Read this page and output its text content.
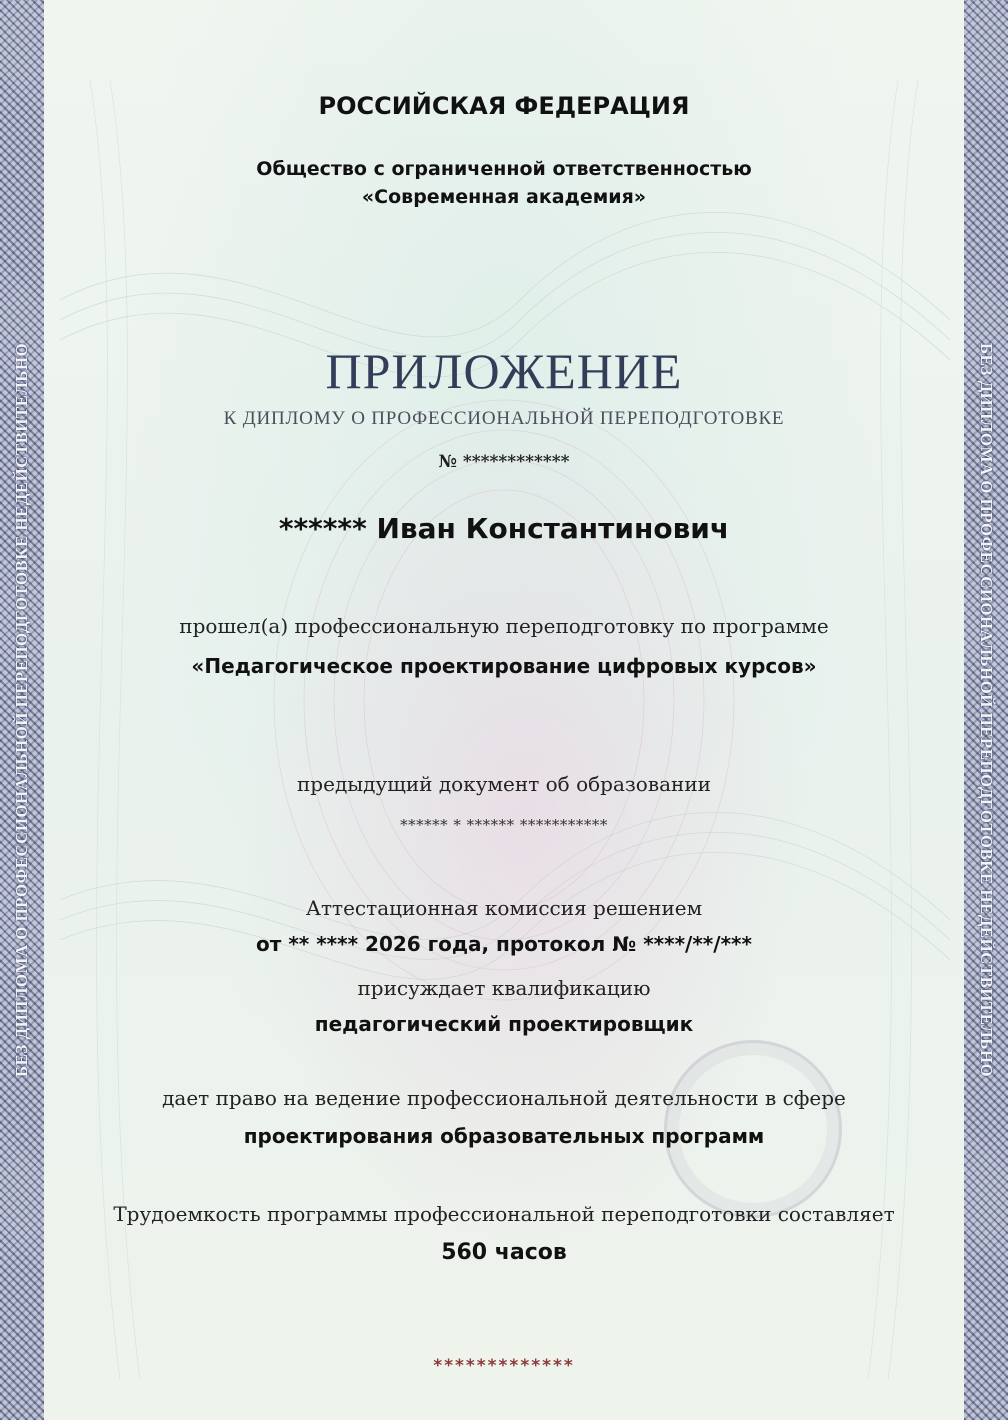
БЕЗ ДИПЛОМА О ПРОФЕССИОНАЛЬНОЙ ПЕРЕПОДГОТОВКЕ НЕДЕЙСТВИТЕЛЬНО	БЕЗ ДИПЛОМА О ПРОФЕССИОНАЛЬНОЙ ПЕРЕПОДГОТОВКЕ НЕДЕЙСТВИТЕЛЬНО
РОССИЙСКАЯ ФЕДЕРАЦИЯ
Общество с ограниченной ответственностью
«Современная академия»
ПРИЛОЖЕНИЕ
К ДИПЛОМУ О ПРОФЕССИОНАЛЬНОЙ ПЕРЕПОДГОТОВКЕ
№ ************
****** Иван Константинович
прошел(а) профессиональную переподготовку по программе
«Педагогическое проектирование цифровых курсов»
предыдущий документ об образовании
****** * ****** ***********
Аттестационная комиссия решением
от ** **** 2026 года, протокол № ****/**/***
присуждает квалификацию
педагогический проектировщик
дает право на ведение профессиональной деятельности в сфере
проектирования образовательных программ
Трудоемкость программы профессиональной переподготовки составляет
560 часов
*************
